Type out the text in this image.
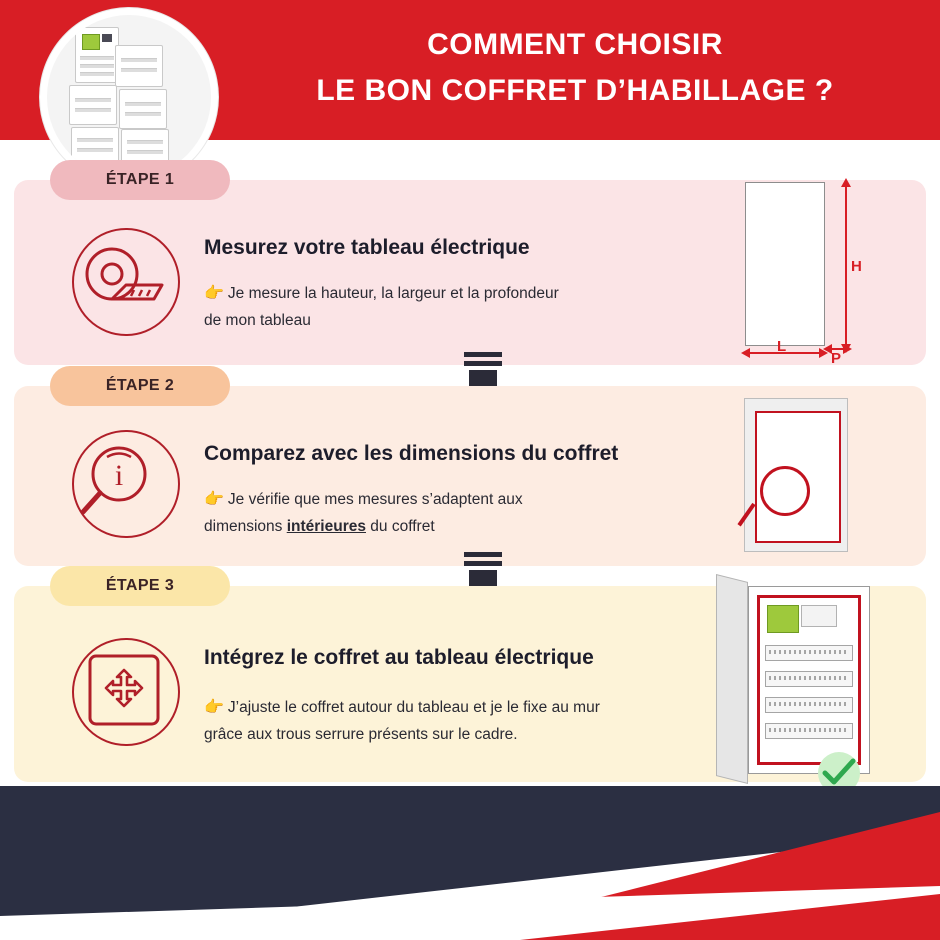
COMMENT CHOISIR
LE BON COFFRET D’HABILLAGE ?
ÉTAPE 1
Mesurez votre tableau électrique
👉 Je mesure la hauteur, la largeur et la profondeur
de mon tableau
H
L
P
ÉTAPE 2
i
Comparez avec les dimensions du coffret
👉 Je vérifie que mes mesures s’adaptent aux
dimensions intérieures du coffret
ÉTAPE 3
Intégrez le coffret au tableau électrique
👉 J’ajuste le coffret autour du tableau et je le fixe au mur
grâce aux trous serrure présents sur le cadre.
